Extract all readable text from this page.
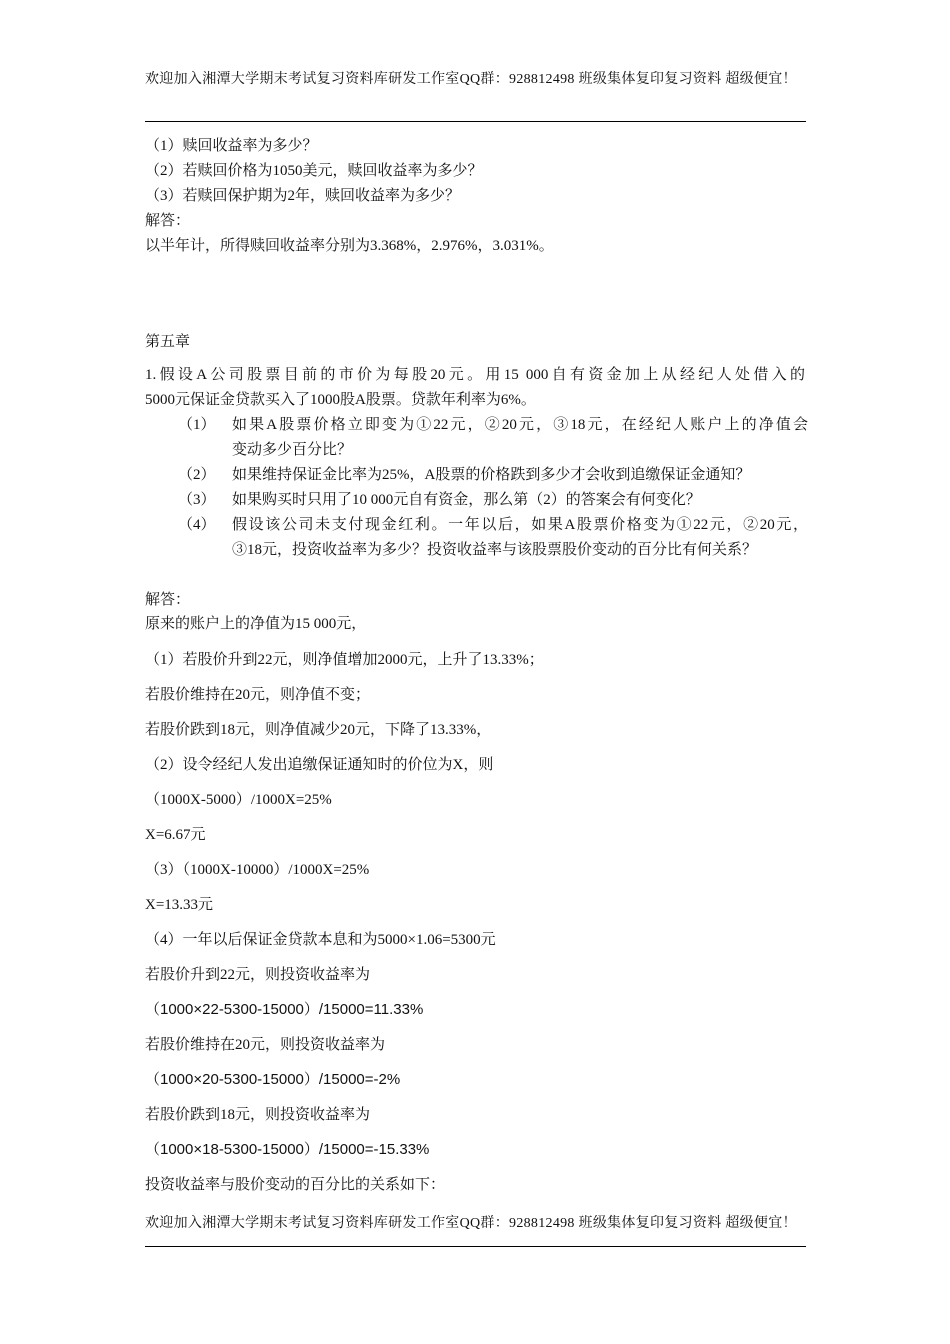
欢迎加入湘潭大学期末考试复习资料库研发工作室QQ群：928812498 班级集体复印复习资料 超级便宜！
（1）赎回收益率为多少？
（2）若赎回价格为1050美元，赎回收益率为多少？
（3）若赎回保护期为2年，赎回收益率为多少？
解答：
以半年计，所得赎回收益率分别为3.368%，2.976%，3.031%。
第五章
1.假设A公司股票目前的市价为每股20元。用15 000自有资金加上从经纪人处借入的
5000元保证金贷款买入了1000股A股票。贷款年利率为6%。
（1） 如果A股票价格立即变为①22元，②20元，③18元，在经纪人账户上的净值会
变动多少百分比？
（2） 如果维持保证金比率为25%，A股票的价格跌到多少才会收到追缴保证金通知？
（3） 如果购买时只用了10 000元自有资金，那么第（2）的答案会有何变化？
（4） 假设该公司未支付现金红利。一年以后，如果A股票价格变为①22元，②20元，
③18元，投资收益率为多少？投资收益率与该股票股价变动的百分比有何关系？
解答：
原来的账户上的净值为15 000元，
（1）若股价升到22元，则净值增加2000元，上升了13.33%；
若股价维持在20元，则净值不变；
若股价跌到18元，则净值减少20元，下降了13.33%，
（2）设令经纪人发出追缴保证通知时的价位为X，则
（1000X-5000）/1000X=25%
X=6.67元
（3）（1000X-10000）/1000X=25%
X=13.33元
（4）一年以后保证金贷款本息和为5000×1.06=5300元
若股价升到22元，则投资收益率为
（1000×22-5300-15000）/15000=11.33%
若股价维持在20元，则投资收益率为
（1000×20-5300-15000）/15000=-2%
若股价跌到18元，则投资收益率为
（1000×18-5300-15000）/15000=-15.33%
投资收益率与股价变动的百分比的关系如下：
欢迎加入湘潭大学期末考试复习资料库研发工作室QQ群：928812498 班级集体复印复习资料 超级便宜！
